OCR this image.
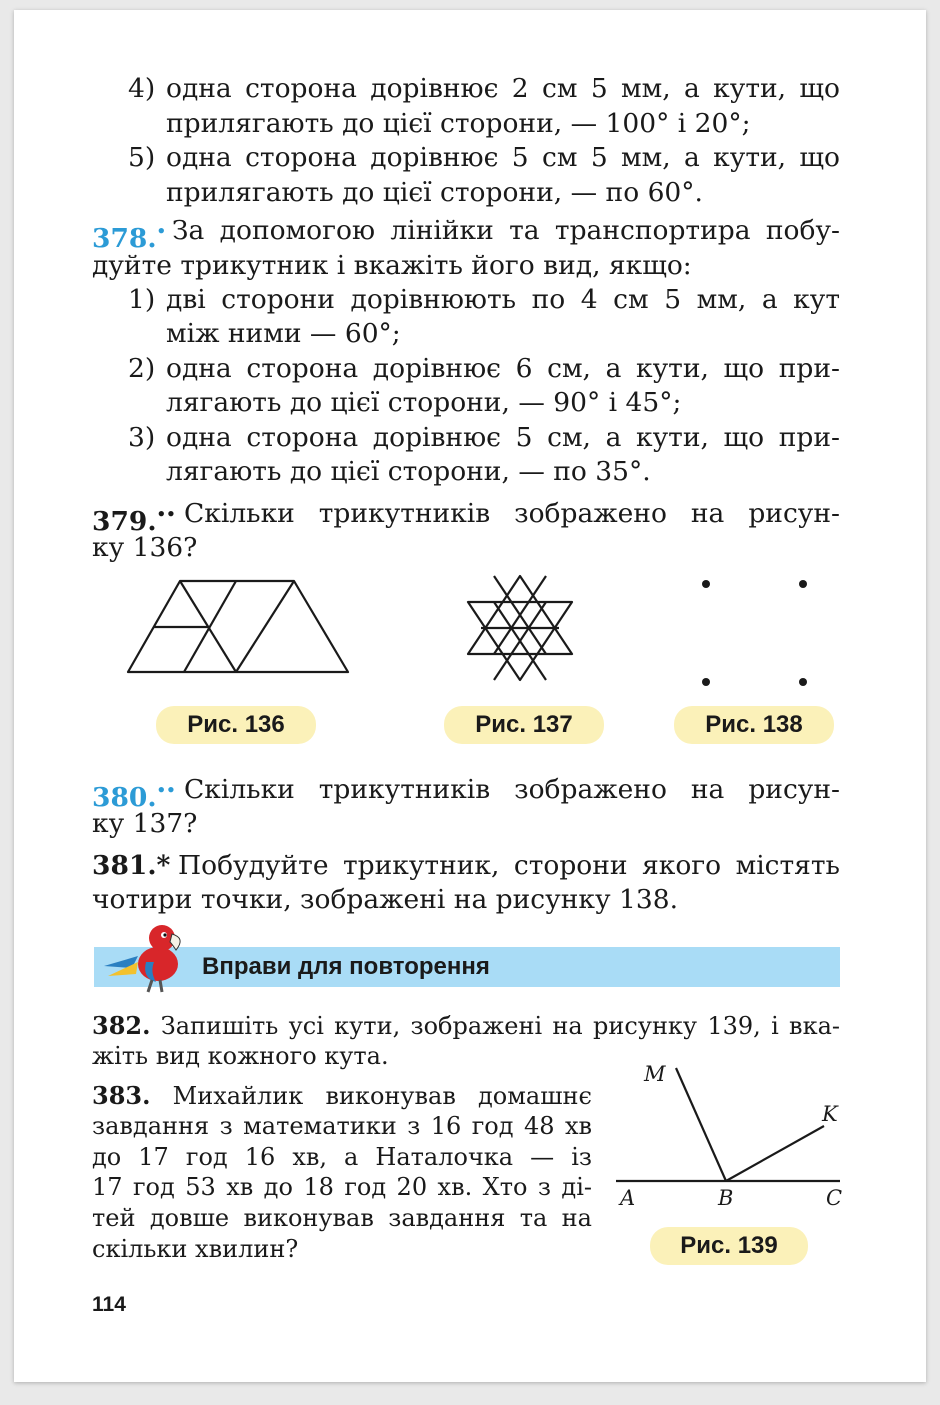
4) одна сторона дорівнює 2 см 5 мм, а кути, що
прилягають до цієї сторони, — 100° і 20°;
5) одна сторона дорівнює 5 см 5 мм, а кути, що
прилягають до цієї сторони, — по 60°.
378.• За допомогою лінійки та транспортира побу-
дуйте трикутник і вкажіть його вид, якщо:
1) дві сторони дорівнюють по 4 см 5 мм, а кут
між ними — 60°;
2) одна сторона дорівнює 6 см, а кути, що при-
лягають до цієї сторони, — 90° і 45°;
3) одна сторона дорівнює 5 см, а кути, що при-
лягають до цієї сторони, — по 35°.
379.•• Скільки трикутників зображено на рисун-
ку 136?
Рис. 136	Рис. 137	Рис. 138
380.•• Скільки трикутників зображено на рисун-
ку 137?
381.* Побудуйте трикутник, сторони якого містять
чотири точки, зображені на рисунку 138.
Вправи для повторення
382. Запишіть усі кути, зображені на рисунку 139, і вка-
жіть вид кожного кута.
383. Михайлик виконував домашнє
завдання з математики з 16 год 48 хв
до 17 год 16 хв, а Наталочка — із
17 год 53 хв до 18 год 20 хв. Хто з ді-
тей довше виконував завдання та на
скільки хвилин?
M
K
A	B	C
Рис. 139
114
